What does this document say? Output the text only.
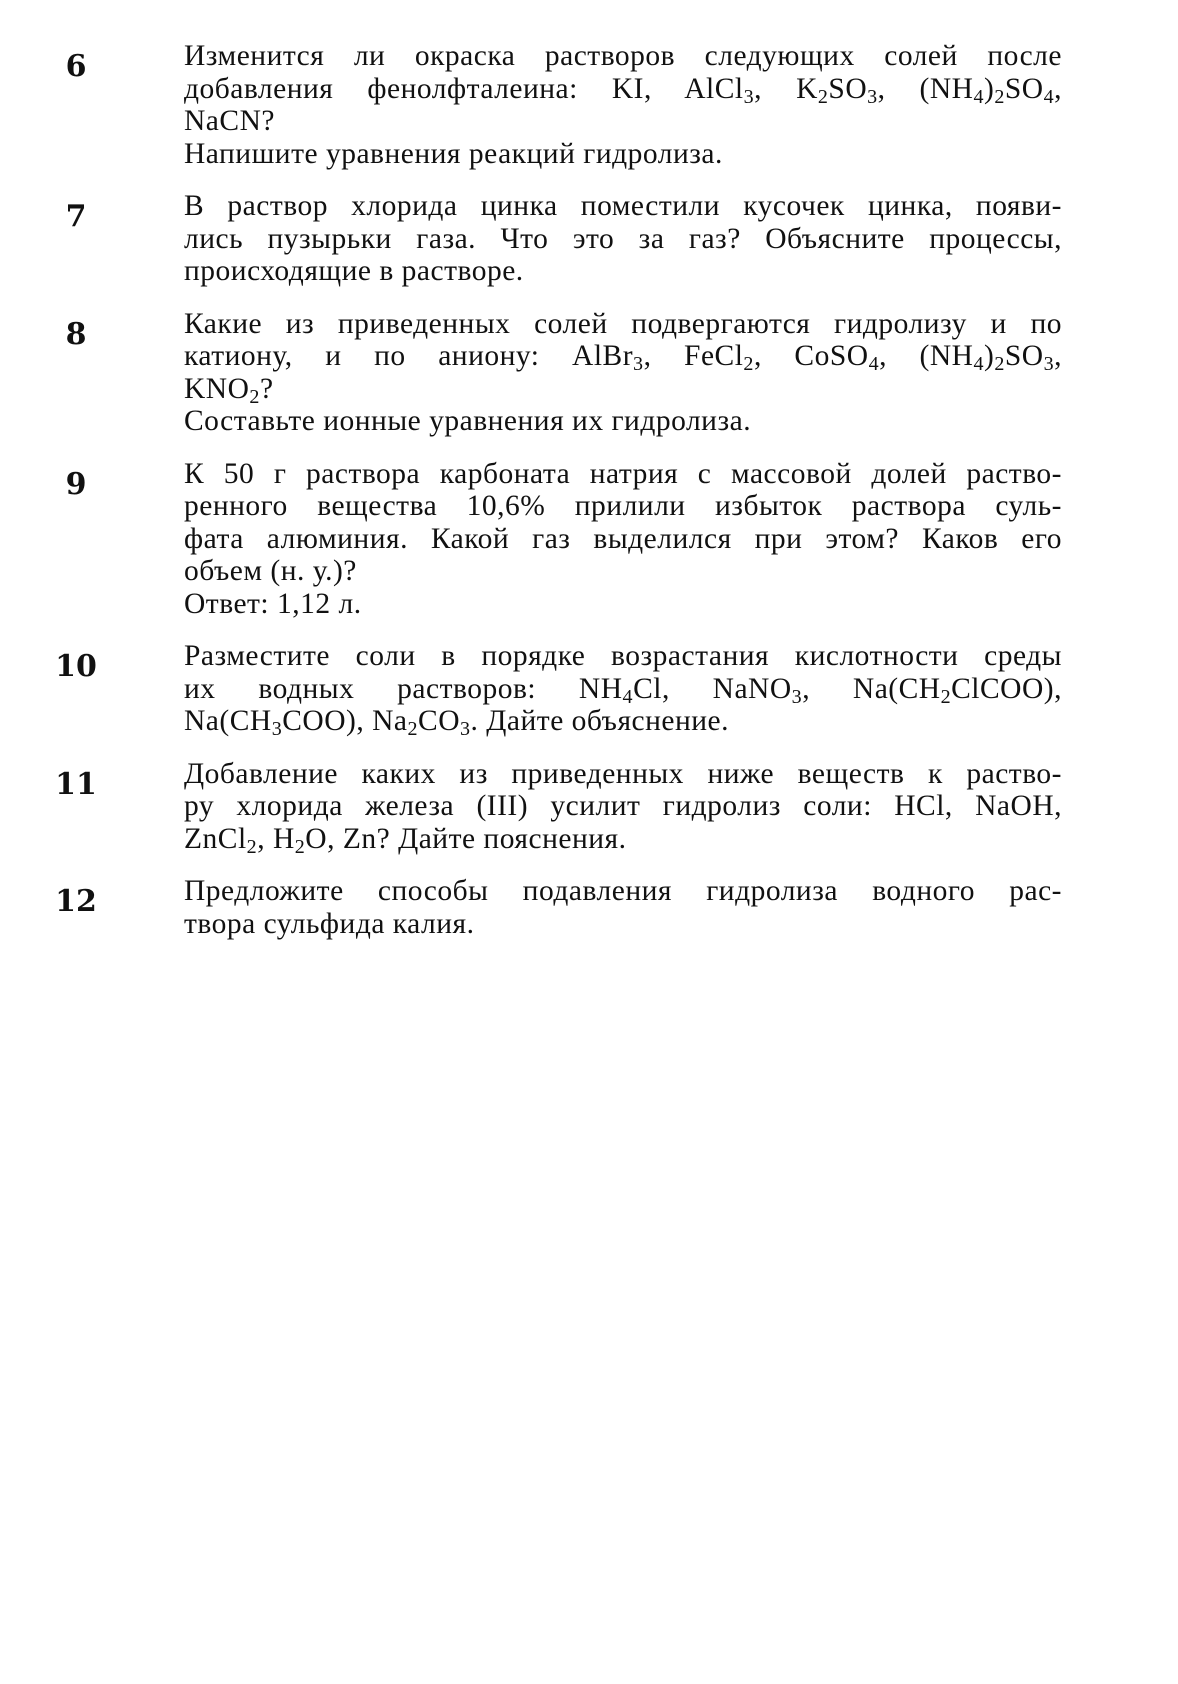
6	Изменится ли окраска растворов следующих солей после

добавления фенолфталеина: KI, AlCl$_3$, $K_2SO_3$, $(NH_4)_2SO_4$,

NaCN?

Напишите уравнения реакций гидролиза.

7	В раствор хлорида цинка поместили кусочек цинка, появи-

лись пузырьки газа. Что это за газ? Объясните процессы,

происходящие в растворе.

8	Какие из приведенных солей подвергаются гидролизу и по

катиону, и по аниону: AlBr$_3$, FeCl$_2$, CoSO$_4$, $(NH_4)_2SO_3$,

$KNO_2$?

Составьте ионные уравнения их гидролиза.

9	К 50 г раствора карбоната натрия с массовой долей раство-

ренного вещества 10,6% прилили избыток раствора суль-

фата алюминия. Какой газ выделился при этом? Каков его

объем (н. у.)?

Ответ: 1,12 л.

10	Разместите соли в порядке возрастания кислотности среды

их водных растворов: $NH_4Cl$, NaNO$_3$, $Na(CH_2ClCOO)$,

$Na(CH_3COO)$, $Na_2CO_3$. Дайте объяснение.

11	Добавление каких из приведенных ниже веществ к раство-

ру хлорида железа (III) усилит гидролиз соли: HCl, NaOH,

ZnCl$_2$, $H_2O$, Zn? Дайте пояснения.

12	Предложите способы подавления гидролиза водного рас-

твора сульфида калия.
